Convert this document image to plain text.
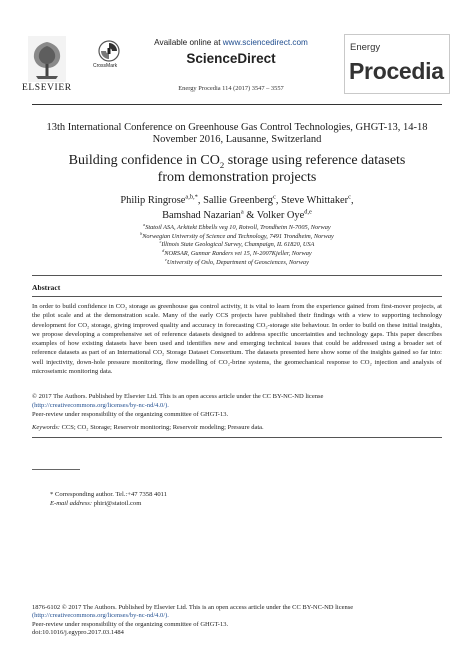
ELSEVIER
CrossMark
Available online at www.sciencedirect.com
ScienceDirect
Energy Procedia 114 (2017) 3547 – 3557
Energy
Procedia
13th International Conference on Greenhouse Gas Control Technologies, GHGT-13, 14-18 November 2016, Lausanne, Switzerland
Building confidence in $CO_2$ storage using reference datasets
from demonstration projects
Philip Ringrose$^{a,b,*}$, Sallie Greenberg$^c$, Steve Whittaker$^c$,
Bamshad Nazarian$^a$ & Volker Oye$^{d,e}$
$^a$Statoil ASA, Arkitekt Ebbells veg 10, Rotvoll, Trondheim N-7005, Norway
$^b$Norwegian University of Science and Technology, 7491 Trondheim, Norway
$^c$Illinois State Geological Survey, Champaign, IL 61820, USA
$^d$NORSAR, Gunnar Randers vei 15, N-2007Kjeller, Norway
$^e$University of Oslo, Department of Geosciences, Norway
Abstract
In order to build confidence in CO₂ storage as greenhouse gas control activity, it is vital to learn from the experience gained from first-mover projects, at the pilot scale and at the demonstration scale. Many of the early CCS projects have published their findings with a view to supporting technology development for CO₂ storage, giving improved quality and accuracy in forecasting CO₂-storage site behaviour. In order to build on these initial insights, we propose developing a comprehensive set of reference datasets designed to address specific uncertainties and technology gaps. This paper describes examples of how existing datasets have been used and identifies new and emerging technical issues that could be addressed using a broader set of reference datasets as part of an International CO₂ Storage Dataset Consortium. The datasets presented here show some of the insights gained so far into: well injectivity, down-hole pressure monitoring, flow modelling of CO₂-brine systems, the geomechanical response to CO₂ injection and analysis of microseismic monitoring data.
© 2017 The Authors. Published by Elsevier Ltd. This is an open access article under the CC BY-NC-ND license
(http://creativecommons.org/licenses/by-nc-nd/4.0/).
Peer-review under responsibility of the organizing committee of GHGT-13.
Keywords: CCS; CO₂ Storage; Reservoir monitoring; Reservoir modeling; Pressure data.
* Corresponding author. Tel.:+47 7358 4011
E-mail address: phiri@statoil.com
1876-6102 © 2017 The Authors. Published by Elsevier Ltd. This is an open access article under the CC BY-NC-ND license
(http://creativecommons.org/licenses/by-nc-nd/4.0/).
Peer-review under responsibility of the organizing committee of GHGT-13.
doi:10.1016/j.egypro.2017.03.1484
